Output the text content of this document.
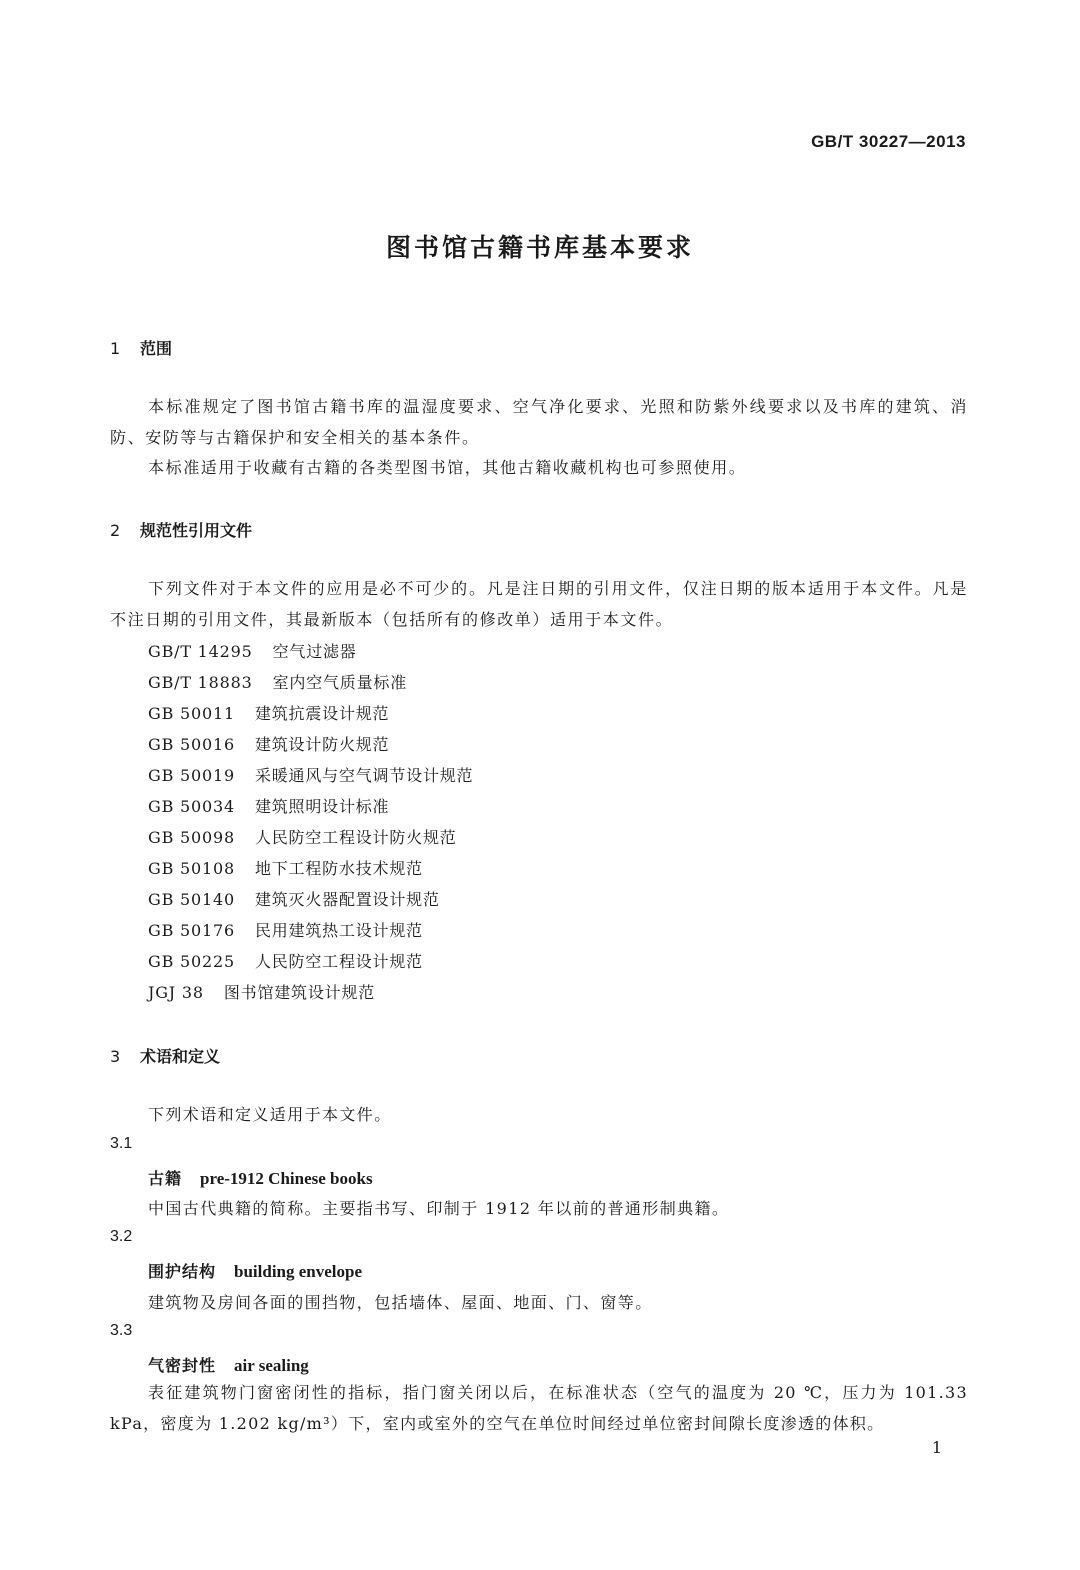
GB/T 30227—2013
图书馆古籍书库基本要求
1 范围

本标准规定了图书馆古籍书库的温湿度要求、空气净化要求、光照和防紫外线要求以及书库的建筑、消防、安防等与古籍保护和安全相关的基本条件。

本标准适用于收藏有古籍的各类型图书馆，其他古籍收藏机构也可参照使用。

2 规范性引用文件

下列文件对于本文件的应用是必不可少的。凡是注日期的引用文件，仅注日期的版本适用于本文件。凡是不注日期的引用文件，其最新版本（包括所有的修改单）适用于本文件。

GB/T 14295 空气过滤器
GB/T 18883 室内空气质量标准
GB 50011 建筑抗震设计规范
GB 50016 建筑设计防火规范
GB 50019 采暖通风与空气调节设计规范
GB 50034 建筑照明设计标准
GB 50098 人民防空工程设计防火规范
GB 50108 地下工程防水技术规范
GB 50140 建筑灭火器配置设计规范
GB 50176 民用建筑热工设计规范
GB 50225 人民防空工程设计规范
JGJ 38 图书馆建筑设计规范
3 术语和定义
下列术语和定义适用于本文件。
3.1
古籍 pre-1912 Chinese books
中国古代典籍的简称。主要指书写、印制于 1912 年以前的普通形制典籍。
3.2
围护结构 building envelope
建筑物及房间各面的围挡物，包括墙体、屋面、地面、门、窗等。
3.3
气密封性 air sealing

表征建筑物门窗密闭性的指标，指门窗关闭以后，在标准状态（空气的温度为 20 ℃，压力为 101.33 kPa，密度为 1.202 kg/m³）下，室内或室外的空气在单位时间经过单位密封间隙长度渗透的体积。

1
